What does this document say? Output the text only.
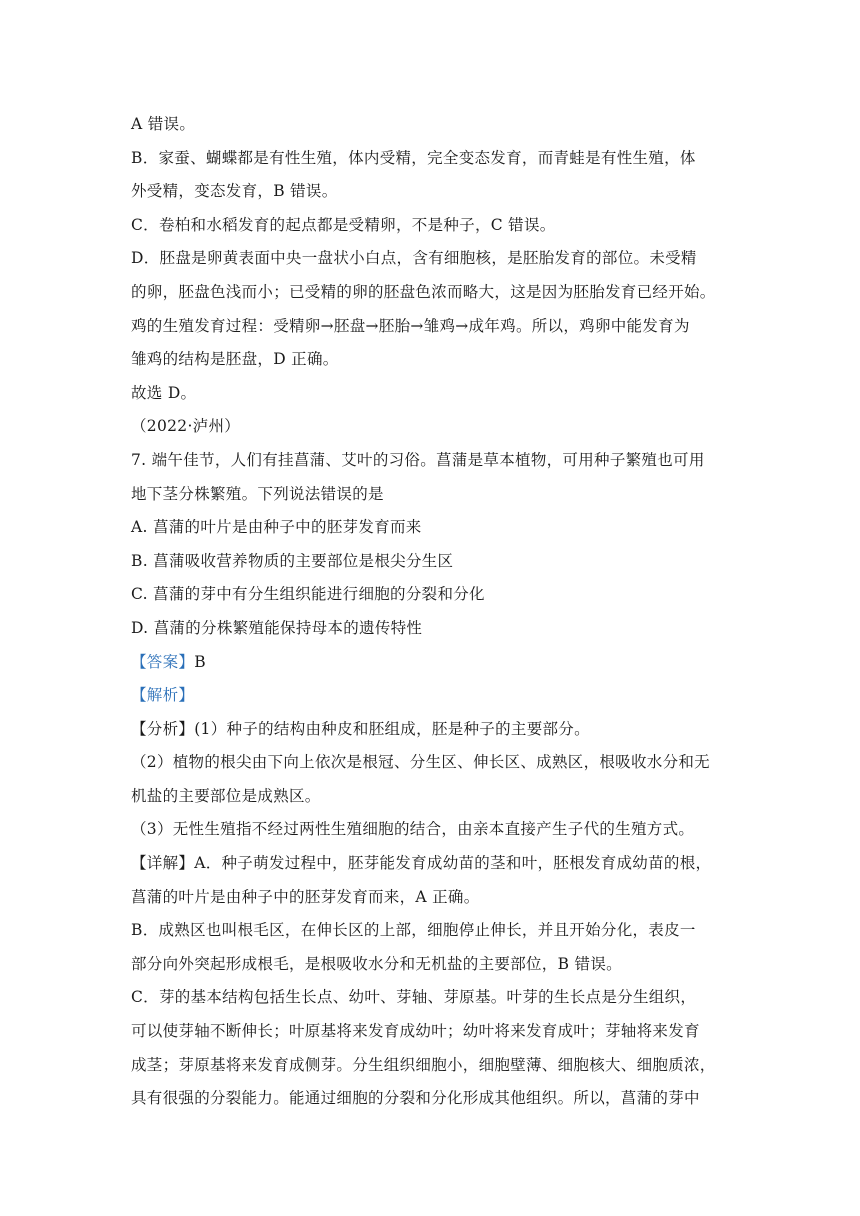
A 错误。
B．家蚕、蝴蝶都是有性生殖，体内受精，完全变态发育，而青蛙是有性生殖，体
外受精，变态发育，B 错误。
C．卷柏和水稻发育的起点都是受精卵，不是种子，C 错误。
D．胚盘是卵黄表面中央一盘状小白点，含有细胞核，是胚胎发育的部位。未受精
的卵，胚盘色浅而小；已受精的卵的胚盘色浓而略大，这是因为胚胎发育已经开始。
鸡的生殖发育过程：受精卵→胚盘→胚胎→雏鸡→成年鸡。所以，鸡卵中能发育为
雏鸡的结构是胚盘，D 正确。
故选 D。
（2022·泸州）
7. 端午佳节，人们有挂菖蒲、艾叶的习俗。菖蒲是草本植物，可用种子繁殖也可用
地下茎分株繁殖。下列说法错误的是
A. 菖蒲的叶片是由种子中的胚芽发育而来
B. 菖蒲吸收营养物质的主要部位是根尖分生区
C. 菖蒲的芽中有分生组织能进行细胞的分裂和分化
D. 菖蒲的分株繁殖能保持母本的遗传特性
【答案】B
【解析】
【分析】(1）种子的结构由种皮和胚组成，胚是种子的主要部分。
（2）植物的根尖由下向上依次是根冠、分生区、伸长区、成熟区，根吸收水分和无
机盐的主要部位是成熟区。
（3）无性生殖指不经过两性生殖细胞的结合，由亲本直接产生子代的生殖方式。
【详解】A．种子萌发过程中，胚芽能发育成幼苗的茎和叶，胚根发育成幼苗的根，
菖蒲的叶片是由种子中的胚芽发育而来，A 正确。
B．成熟区也叫根毛区，在伸长区的上部，细胞停止伸长，并且开始分化，表皮一
部分向外突起形成根毛，是根吸收水分和无机盐的主要部位，B 错误。
C．芽的基本结构包括生长点、幼叶、芽轴、芽原基。叶芽的生长点是分生组织，
可以使芽轴不断伸长；叶原基将来发育成幼叶；幼叶将来发育成叶；芽轴将来发育
成茎；芽原基将来发育成侧芽。分生组织细胞小，细胞壁薄、细胞核大、细胞质浓，
具有很强的分裂能力。能通过细胞的分裂和分化形成其他组织。所以，菖蒲的芽中
